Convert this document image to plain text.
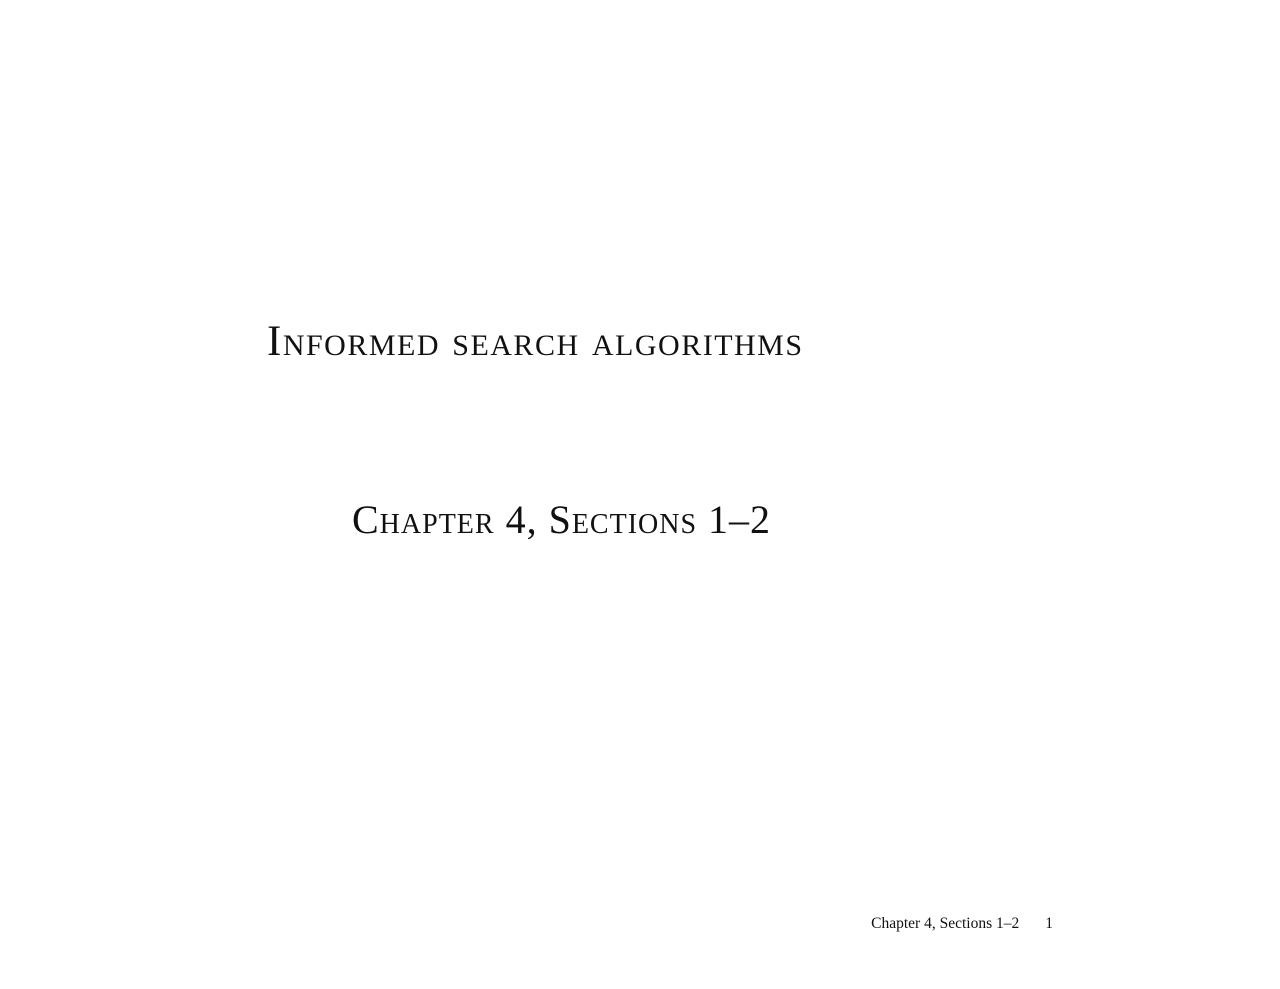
Informed search algorithms
Chapter 4, Sections 1–2
Chapter 4, Sections 1–2 1
